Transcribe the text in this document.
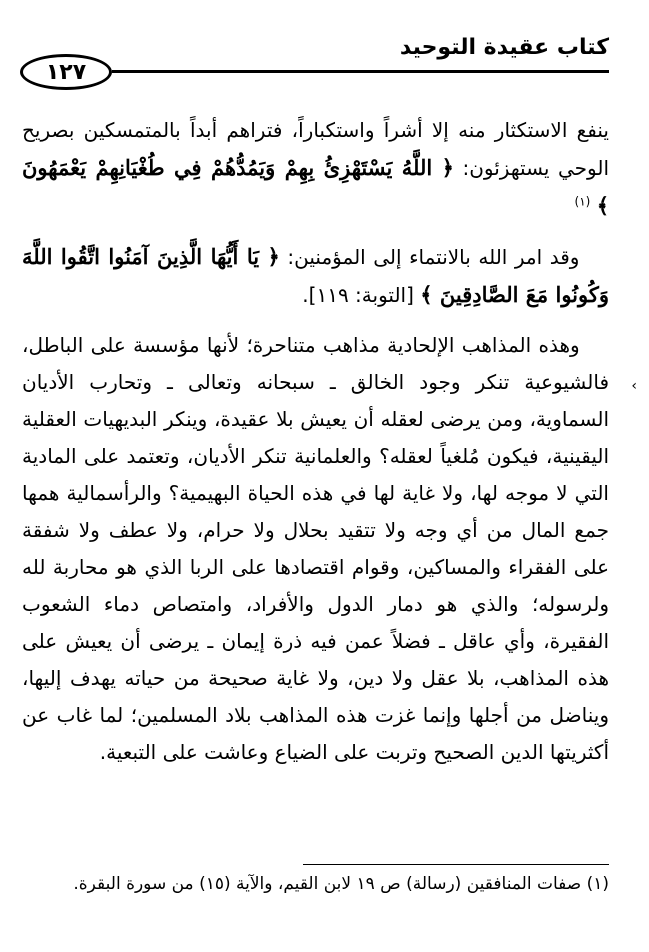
كتاب عقيدة التوحيد
١٢٧
‹

ينفع الاستكثار منه إلا أشراً واستكباراً، فتراهم أبداً بالمتمسكين بصريح الوحي يستهزئون: ﴿ اللَّهُ يَسْتَهْزِئُ بِهِمْ وَيَمُدُّهُمْ فِي طُغْيَانِهِمْ يَعْمَهُونَ ﴾ $^{(١)}$

وقد امر الله بالانتماء إلى المؤمنين: ﴿ يَا أَيُّهَا الَّذِينَ آمَنُوا اتَّقُوا اللَّهَ وَكُونُوا مَعَ الصَّادِقِينَ ﴾ [التوبة: ١١٩].

وهذه المذاهب الإلحادية مذاهب متناحرة؛ لأنها مؤسسة على الباطل، فالشيوعية تنكر وجود الخالق ـ سبحانه وتعالى ـ وتحارب الأديان السماوية، ومن يرضى لعقله أن يعيش بلا عقيدة، وينكر البديهيات العقلية اليقينية، فيكون مُلغياً لعقله؟ والعلمانية تنكر الأديان، وتعتمد على المادية التي لا موجه لها، ولا غاية لها في هذه الحياة البهيمية؟ والرأسمالية همها جمع المال من أي وجه ولا تتقيد بحلال ولا حرام، ولا عطف ولا شفقة على الفقراء والمساكين، وقوام اقتصادها على الربا الذي هو محاربة لله ولرسوله؛ والذي هو دمار الدول والأفراد، وامتصاص دماء الشعوب الفقيرة، وأي عاقل ـ فضلاً عمن فيه ذرة إيمان ـ يرضى أن يعيش على هذه المذاهب، بلا عقل ولا دين، ولا غاية صحيحة من حياته يهدف إليها، ويناضل من أجلها وإنما غزت هذه المذاهب بلاد المسلمين؛ لما غاب عن أكثريتها الدين الصحيح وتربت على الضياع وعاشت على التبعية.

(١) صفات المنافقين (رسالة) ص ١٩ لابن القيم، والآية (١٥) من سورة البقرة.
